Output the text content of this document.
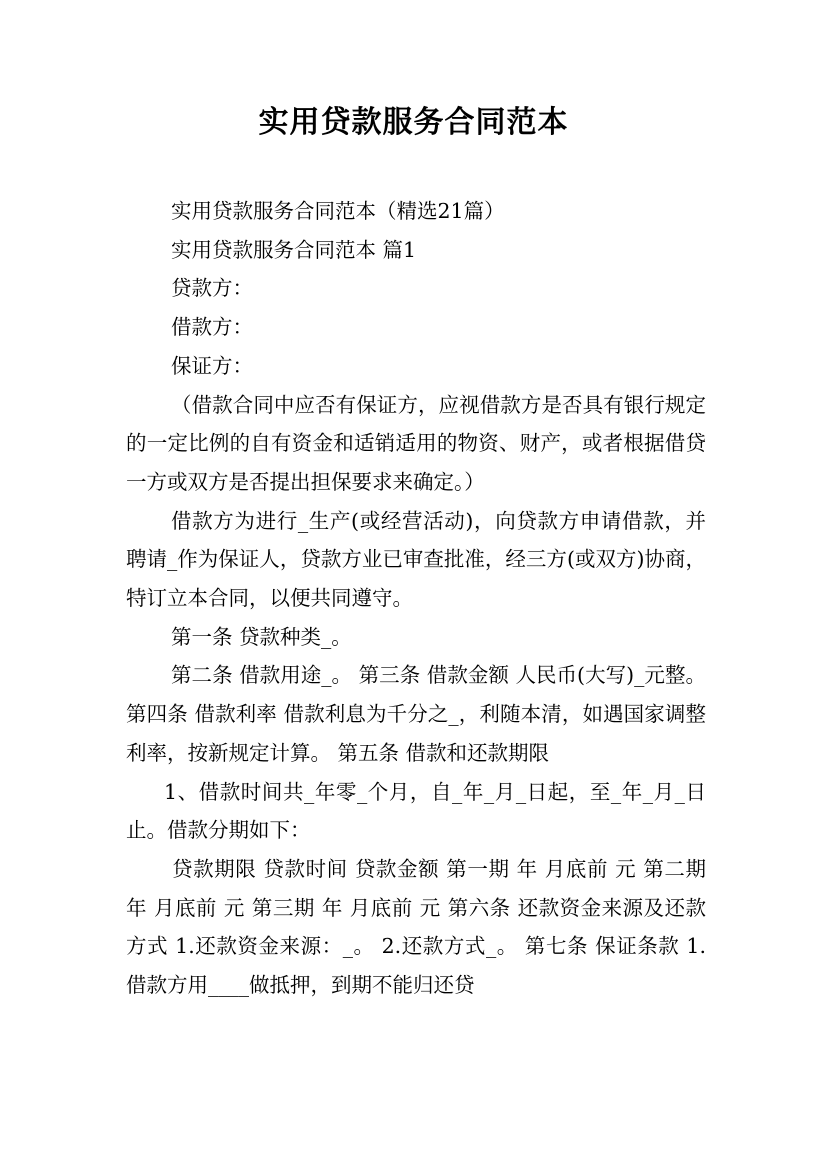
实用贷款服务合同范本

实用贷款服务合同范本（精选21篇）

实用贷款服务合同范本 篇1

贷款方：

借款方：

保证方：

（借款合同中应否有保证方，应视借款方是否具有银行规定的一定比例的自有资金和适销适用的物资、财产，或者根据借贷一方或双方是否提出担保要求来确定。）

借款方为进行_生产(或经营活动)，向贷款方申请借款，并聘请_作为保证人，贷款方业已审查批准，经三方(或双方)协商，特订立本合同，以便共同遵守。

第一条 贷款种类_。

第二条 借款用途_。 第三条 借款金额 人民币(大写)_元整。 第四条 借款利率 借款利息为千分之_，利随本清，如遇国家调整利率，按新规定计算。 第五条 借款和还款期限

1、借款时间共_年零_个月，自_年_月_日起，至_年_月_日止。借款分期如下：

贷款期限 贷款时间 贷款金额 第一期 年 月底前 元 第二期 年 月底前 元 第三期 年 月底前 元 第六条 还款资金来源及还款方式 1.还款资金来源：_。 2.还款方式_。 第七条 保证条款 1.借款方用____做抵押，到期不能归还贷
